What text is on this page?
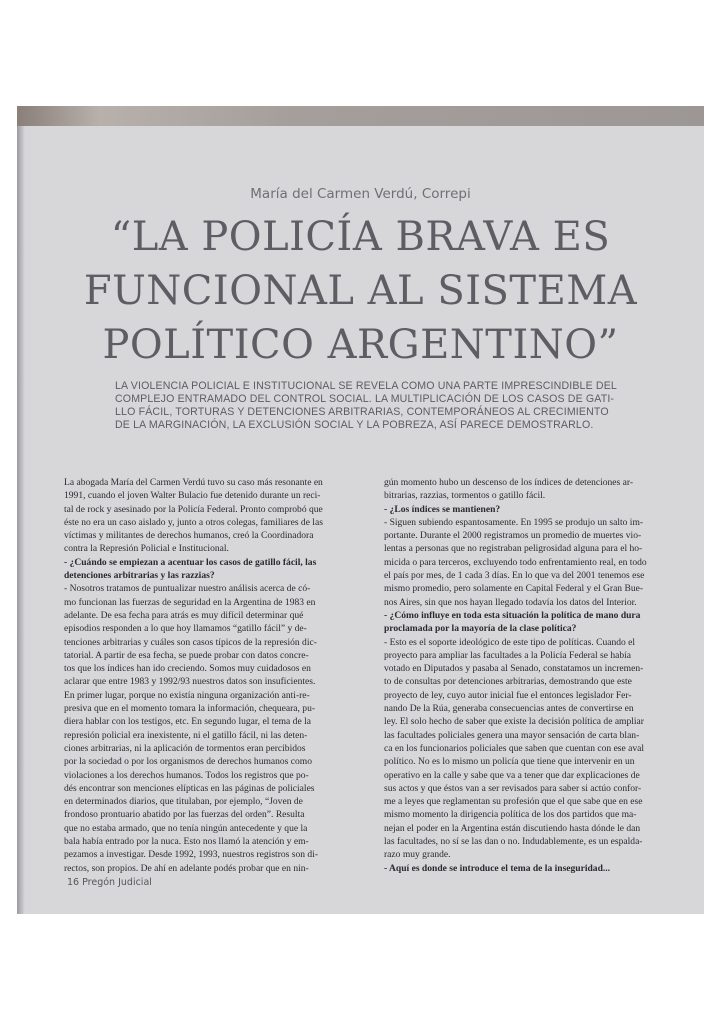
María del Carmen Verdú, Correpi

“LA POLICÍA BRAVA ES
FUNCIONAL AL SISTEMA
POLÍTICO ARGENTINO”

LA VIOLENCIA POLICIAL E INSTITUCIONAL SE REVELA COMO UNA PARTE IMPRESCINDIBLE DEL
COMPLEJO ENTRAMADO DEL CONTROL SOCIAL. LA MULTIPLICACIÓN DE LOS CASOS DE GATI-
LLO FÁCIL, TORTURAS Y DETENCIONES ARBITRARIAS, CONTEMPORÁNEOS AL CRECIMIENTO
DE LA MARGINACIÓN, LA EXCLUSIÓN SOCIAL Y LA POBREZA, ASÍ PARECE DEMOSTRARLO.

La abogada María del Carmen Verdú tuvo su caso más resonante en
1991, cuando el joven Walter Bulacio fue detenido durante un reci-
tal de rock y asesinado por la Policía Federal. Pronto comprobó que
éste no era un caso aislado y, junto a otros colegas, familiares de las
víctimas y militantes de derechos humanos, creó la Coordinadora
contra la Represión Policial e Institucional.
- ¿Cuándo se empiezan a acentuar los casos de gatillo fácil, las
detenciones arbitrarias y las razzias?
- Nosotros tratamos de puntualizar nuestro análisis acerca de có-
mo funcionan las fuerzas de seguridad en la Argentina de 1983 en
adelante. De esa fecha para atrás es muy difícil determinar qué
episodios responden a lo que hoy llamamos “gatillo fácil” y de-
tenciones arbitrarias y cuáles son casos típicos de la represión dic-
tatorial. A partir de esa fecha, se puede probar con datos concre-
tos que los índices han ido creciendo. Somos muy cuidadosos en
aclarar que entre 1983 y 1992/93 nuestros datos son insuficientes.
En primer lugar, porque no existía ninguna organización anti-re-
presiva que en el momento tomara la información, chequeara, pu-
diera hablar con los testigos, etc. En segundo lugar, el tema de la
represión policial era inexistente, ni el gatillo fácil, ni las deten-
ciones arbitrarias, ni la aplicación de tormentos eran percibidos
por la sociedad o por los organismos de derechos humanos como
violaciones a los derechos humanos. Todos los registros que po-
dés encontrar son menciones elípticas en las páginas de policiales
en determinados diarios, que titulaban, por ejemplo, “Joven de
frondoso prontuario abatido por las fuerzas del orden”. Resulta
que no estaba armado, que no tenía ningún antecedente y que la
bala había entrado por la nuca. Esto nos llamó la atención y em-
pezamos a investigar. Desde 1992, 1993, nuestros registros son di-
rectos, son propios. De ahí en adelante podés probar que en nin-
gún momento hubo un descenso de los índices de detenciones ar-
bitrarias, razzias, tormentos o gatillo fácil.
- ¿Los índices se mantienen?
- Siguen subiendo espantosamente. En 1995 se produjo un salto im-
portante. Durante el 2000 registramos un promedio de muertes vio-
lentas a personas que no registraban peligrosidad alguna para el ho-
micida o para terceros, excluyendo todo enfrentamiento real, en todo
el país por mes, de 1 cada 3 días. En lo que va del 2001 tenemos ese
mismo promedio, pero solamente en Capital Federal y el Gran Bue-
nos Aires, sin que nos hayan llegado todavía los datos del Interior.
- ¿Cómo influye en toda esta situación la política de mano dura
proclamada por la mayoría de la clase política?
- Esto es el soporte ideológico de este tipo de políticas. Cuando el
proyecto para ampliar las facultades a la Policía Federal se había
votado en Diputados y pasaba al Senado, constatamos un incremen-
to de consultas por detenciones arbitrarias, demostrando que este
proyecto de ley, cuyo autor inicial fue el entonces legislador Fer-
nando De la Rúa, generaba consecuencias antes de convertirse en
ley. El solo hecho de saber que existe la decisión política de ampliar
las facultades policiales genera una mayor sensación de carta blan-
ca en los funcionarios policiales que saben que cuentan con ese aval
político. No es lo mismo un policía que tiene que intervenir en un
operativo en la calle y sabe que va a tener que dar explicaciones de
sus actos y que éstos van a ser revisados para saber si actúo confor-
me a leyes que reglamentan su profesión que el que sabe que en ese
mismo momento la dirigencia política de los dos partidos que ma-
nejan el poder en la Argentina están discutiendo hasta dónde le dan
las facultades, no sí se las dan o no. Indudablemente, es un espalda-
razo muy grande.
- Aquí es donde se introduce el tema de la inseguridad...

16 Pregón Judicial
